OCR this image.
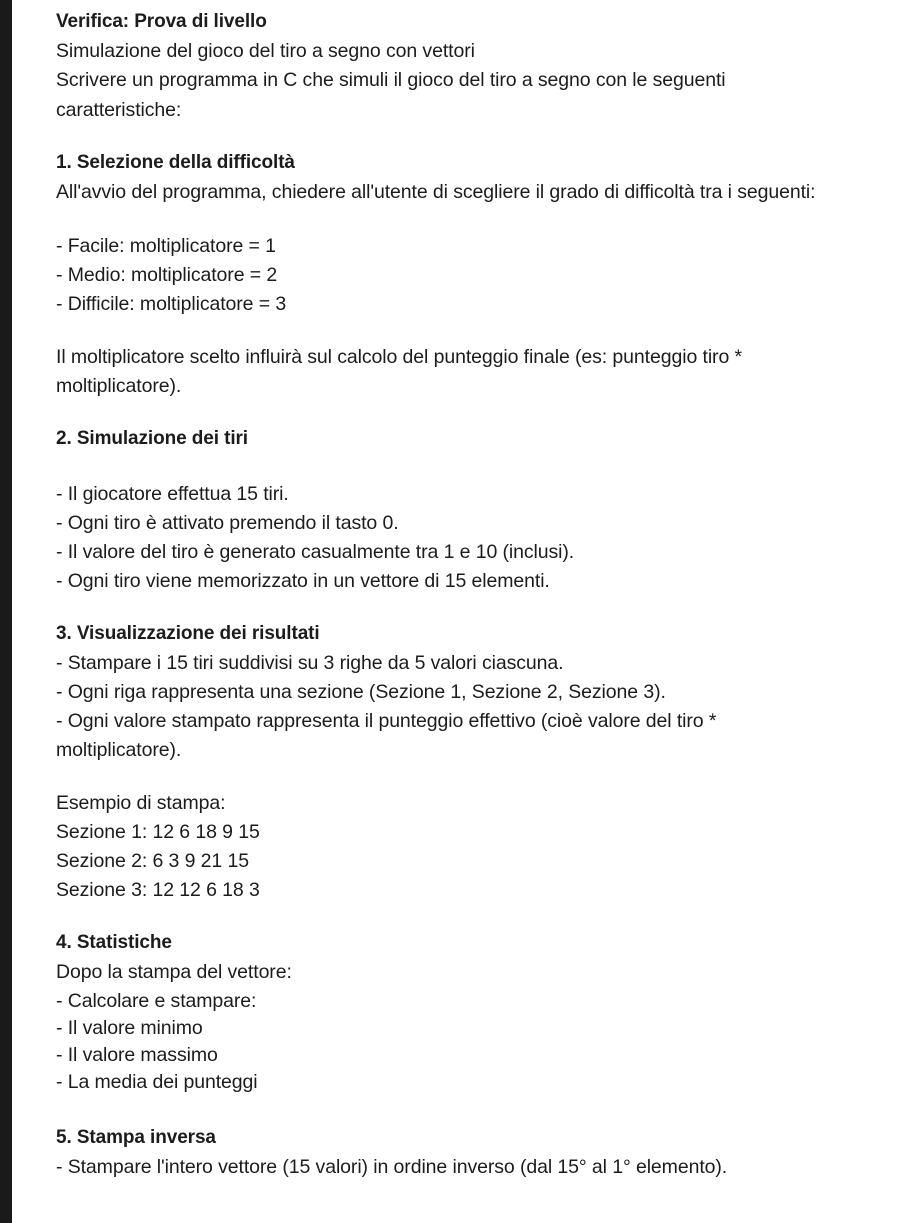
Verifica: Prova di livello
Simulazione del gioco del tiro a segno con vettori
Scrivere un programma in C che simuli il gioco del tiro a segno con le seguenti
caratteristiche:
1. Selezione della difficoltà
All'avvio del programma, chiedere all'utente di scegliere il grado di difficoltà tra i seguenti:
- Facile: moltiplicatore = 1
- Medio: moltiplicatore = 2
- Difficile: moltiplicatore = 3
Il moltiplicatore scelto influirà sul calcolo del punteggio finale (es: punteggio tiro *
moltiplicatore).
2. Simulazione dei tiri
- Il giocatore effettua 15 tiri.
- Ogni tiro è attivato premendo il tasto 0.
- Il valore del tiro è generato casualmente tra 1 e 10 (inclusi).
- Ogni tiro viene memorizzato in un vettore di 15 elementi.
3. Visualizzazione dei risultati
- Stampare i 15 tiri suddivisi su 3 righe da 5 valori ciascuna.
- Ogni riga rappresenta una sezione (Sezione 1, Sezione 2, Sezione 3).
- Ogni valore stampato rappresenta il punteggio effettivo (cioè valore del tiro *
moltiplicatore).
Esempio di stampa:
Sezione 1: 12 6 18 9 15
Sezione 2: 6 3 9 21 15
Sezione 3: 12 12 6 18 3
4. Statistiche
Dopo la stampa del vettore:
- Calcolare e stampare:
- Il valore minimo
- Il valore massimo
- La media dei punteggi
5. Stampa inversa
- Stampare l'intero vettore (15 valori) in ordine inverso (dal 15° al 1° elemento).
